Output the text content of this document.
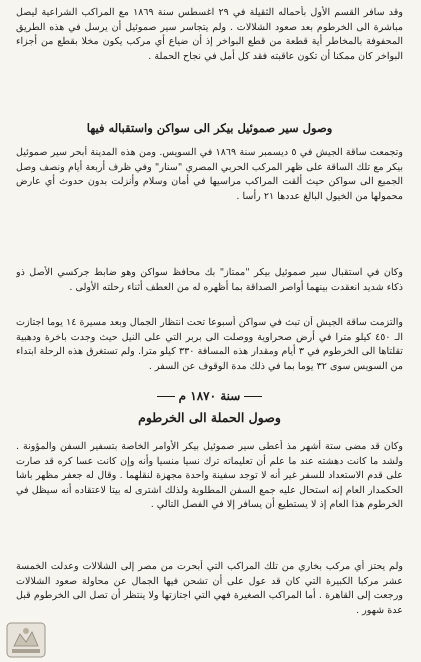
وقد سافر القسم الأول بأحماله الثقيلة في ٢٩ اغسطس سنة ١٨٦٩ مع المراكب الشراعية ليصل مباشرة الى الخرطوم بعد صعود الشلالات . ولم يتجاسر سير صموئيل أن يرسل في هذه الطريق المحفوفة بالمخاطر أية قطعة من قطع البواخر إذ أن ضياع أي مركب يكون مخلا بقطع من أجزاء البواخر كان ممكنا أن تكون عاقبته فقد كل أمل في نجاح الحملة .

وصول سير صموئيل بيكر الى سواكن واستقباله فيها

وتجمعت ساقة الجيش في ٥ ديسمبر سنة ١٨٦٩ في السويس. ومن هذه المدينة أبحر سير صموئيل بيكر مع تلك الساقة على ظهر المركب الحربي المصري "سنار" وفي ظرف أربعة أيام ونصف وصل الجميع الى سواكن حيث ألقت المراكب مراسيها في أمان وسلام وأنزلت بدون حدوث أي عارض محمولها من الخيول البالغ عددها ٢١ رأسا .

وكان في استقبال سير صموئيل بيكر "ممتاز" بك محافظ سواكن وهو ضابط جركسي الأصل ذو ذكاء شديد انعقدت بينهما أواصر الصداقة بما أظهره له من العطف أثناء رحلته الأولى .

والتزمت ساقة الجيش أن تبث في سواكن أسبوعا تحت انتظار الجمال وبعد مسيرة ١٤ يوما اجتازت الـ ٤٥٠ كيلو مترا في أرض صحراوية ووصلت الى بربر التي على النيل حيث وجدت باخرة ودهبية تقلتاها الى الخرطوم في ٣ أيام ومقدار هذه المسافة ٣٣٠ كيلو مترا. ولم تستغرق هذه الرحلة ابتداء من السويس سوى ٣٢ يوما بما في ذلك مدة الوقوف عن السفر .

سنة ١٨٧٠ م
وصول الحملة الى الخرطوم

وكان قد مضى ستة أشهر مذ أعطى سير صموئيل بيكر الأوامر الخاصة بتسفير السفن والمؤونة . ولشد ما كانت دهشته عند ما علم أن تعليماته ترك نسيا منسيا وأنه وإن كانت عسا كره قد صارت على قدم الاستعداد للسفر غير أنه لا توجد سفينة واحدة مجهزة لنقلهما . وقال له جعفر مظهر باشا الحكمدار العام إنه استحال عليه جمع السفن المطلوبة ولذلك اشترى له بيتا لاعتقاده أنه سيظل في الخرطوم هذا العام إذ لا يستطيع أن يسافر إلا في الفصل التالي .

ولم يحتز أي مركب بخاري من تلك المراكب التي أبحرت من مصر إلى الشلالات وعدلت الخمسة عشر مركبا الكبيرة التي كان قد عول على أن تشحن فيها الجمال عن محاولة صعود الشلالات ورجعت إلى القاهرة . أما المراكب الصغيرة فهي التي اجتازتها ولا ينتظر أن تصل الى الخرطوم قبل عدة شهور .
